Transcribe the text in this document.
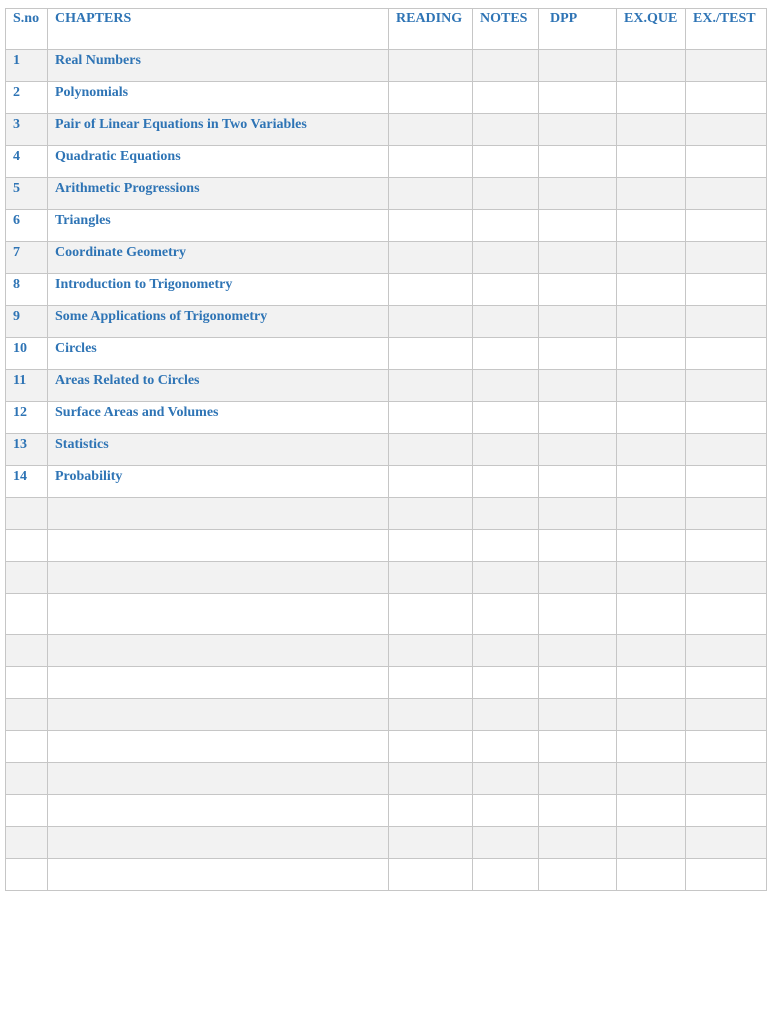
S.no	CHAPTERS	READING	NOTES	DPP	EX.QUE	EX./TEST
1	Real Numbers					
2	Polynomials					
3	Pair of Linear Equations in Two Variables					
4	Quadratic Equations					
5	Arithmetic Progressions					
6	Triangles					
7	Coordinate Geometry					
8	Introduction to Trigonometry					
9	Some Applications of Trigonometry					
10	Circles					
11	Areas Related to Circles					
12	Surface Areas and Volumes					
13	Statistics					
14	Probability					
